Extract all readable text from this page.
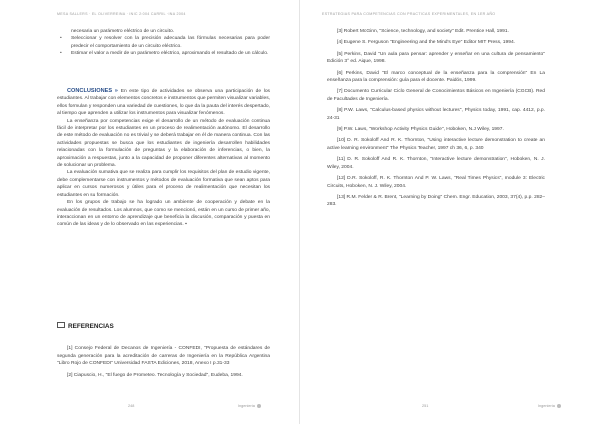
MESA SALLERS · EL OLIVERREINA · INIC 2:004 CARRIL ·INA 2004
necesaria un parámetro eléctrico de un circuito.
• Seleccionar y resolver con la precisión adecuada las fórmulas necesarias para poder predecir el comportamiento de un circuito eléctrico.
• Estimar el valor a medir de un parámetro eléctrico, aproximando el resultado de un cálculo.

CONCLUSIONES » En este tipo de actividades se observa una participación de los estudiantes. Al trabajar con elementos concretos e instrumentos que permiten visualizar variables, ellos formulan y responden una variedad de cuestiones, lo que da la pauta del interés despertado, al tiempo que aprenden a utilizar los instrumentos para visualizar fenómenos.

La enseñanza por competencias exige el desarrollo de un método de evaluación continua fácil de interpretar por los estudiantes en un proceso de realimentación autónomo. El desarrollo de este método de evaluación no es trivial y se deberá trabajar en él de manera continua. Con las actividades propuestas se busca que los estudiantes de ingeniería desarrollen habilidades relacionadas con la formulación de preguntas y la elaboración de inferencias, o bien, la aproximación a respuestas, junto a la capacidad de proponer diferentes alternativas al momento de solucionar un problema.

La evaluación sumativa que se realiza para cumplir los requisitos del plan de estudio vigente, debe complementarse con instrumentos y métodos de evaluación formativa que sean aptos para aplicar en cursos numerosos y útiles para el proceso de realimentación que necesitan los estudiantes en su formación.

En los grupos de trabajo se ha logrado un ambiente de cooperación y debate en la evaluación de resultados. Los alumnos, que como se mencionó, están en un curso de primer año, interaccionan en un entorno de aprendizaje que beneficia la discusión, comparación y puesta en común de las ideas y de lo observado en las experiencias. ▪

REFERENCIAS

[1] Consejo Federal de Decanos de Ingeniería - CONFEDI, "Propuesta de estándares de segunda generación para la acreditación de carreras de Ingeniería en la República Argentina "Libro Rojo de CONFEDI" Universidad FASTA Ediciones, 2018, Anexo I p.31-33

[2] Ciapuscio, H., "El fuego de Prometeo. Tecnología y Sociedad", Eudeba, 1994.

248	Ingeniería
ESTRATEGIAS PARA COMPETENCIAS CON PRACTICAS EXPERIMENTALES, EN 1ER AÑO

[3] Robert McGinn, "Science, technology, and society" Edit. Prentice Hall, 1991.

[4] Eugene S. Ferguson "Engineering and the Mind's Eye" Editor MIT Press, 1994.

[5] Perkins, David "Un aula para pensar: aprender y enseñar en una cultura de pensamiento" Edición 3° ed. Aique, 1998.

[6] Perkins, David "El marco conceptual de la enseñanza para la comprensión" En La enseñanza para la comprensión: guía para el docente. Paidós, 1999.

[7] Documento Curricular Ciclo General de Conocimientos Básicos en Ingeniería (CGCB). Red de Facultades de Ingeniería.

[8] P.W. Laws, "Calculus-based physics without lectures", Physics today, 1991, cap. 4412, p.p. 24-31

[9] P.W. Laws, "Workshop Activity Physics Guide", Hoboken, N.J Wiley, 1997.

[10] D. R. Sokoloff And R. K. Thornton, "Using interactive lecture demonstration to create an active learning environment" The Physics Teacher, 1997 ch 36, 6, p. 340

[11] D. R. Sokoloff And R. K. Thornton, "Interactive lecture demonstration", Hoboken, N. J. Wiley, 2004.

[12] D.R. Sokoloff, R. K. Thornton And P. W. Laws, "Real Times Physics", module 3: Electric Circuits, Hoboken, N. J. Wiley, 2004.

[13] R.M. Felder & R. Brent, "Learning by Doing" Chem. Engr. Education, 2003, 37(4), p.p. 282–283.

251	Ingeniería
